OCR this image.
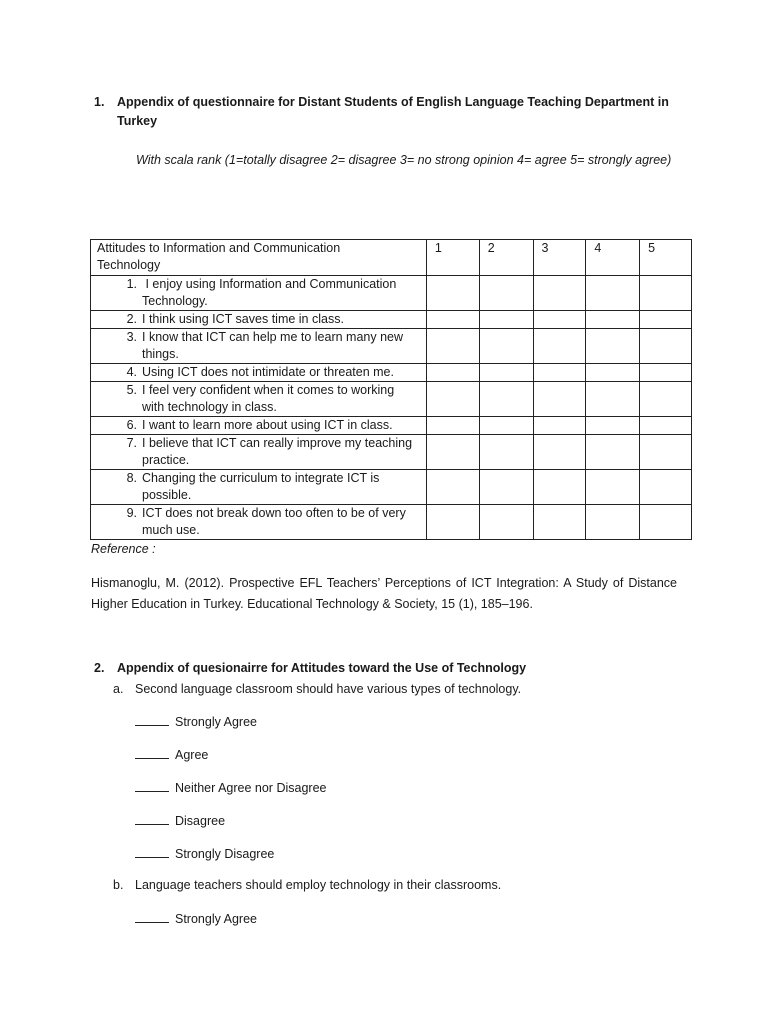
1. Appendix of questionnaire for Distant Students of English Language Teaching Department in
Turkey
With scala rank (1=totally disagree 2= disagree 3= no strong opinion 4= agree 5= strongly agree)
Attitudes to Information and Communication
Technology	1	2	3	4	5

1. I enjoy using Information and Communication
Technology.					

2. I think using ICT saves time in class.					

3. I know that ICT can help me to learn many new
things.					

4. Using ICT does not intimidate or threaten me.					

5. I feel very confident when it comes to working
with technology in class.					

6. I want to learn more about using ICT in class.					

7. I believe that ICT can really improve my teaching
practice.					

8. Changing the curriculum to integrate ICT is
possible.					

9. ICT does not break down too often to be of very
much use.					

Reference :
Hismanoglu, M. (2012). Prospective EFL Teachers’ Perceptions of ICT Integration: A Study of Distance Higher Education in Turkey. Educational Technology & Society, 15 (1), 185–196.
2. Appendix of quesionairre for Attitudes toward the Use of Technology
a. Second language classroom should have various types of technology.
Strongly Agree
Agree
Neither Agree nor Disagree
Disagree
Strongly Disagree
b. Language teachers should employ technology in their classrooms.
Strongly Agree
